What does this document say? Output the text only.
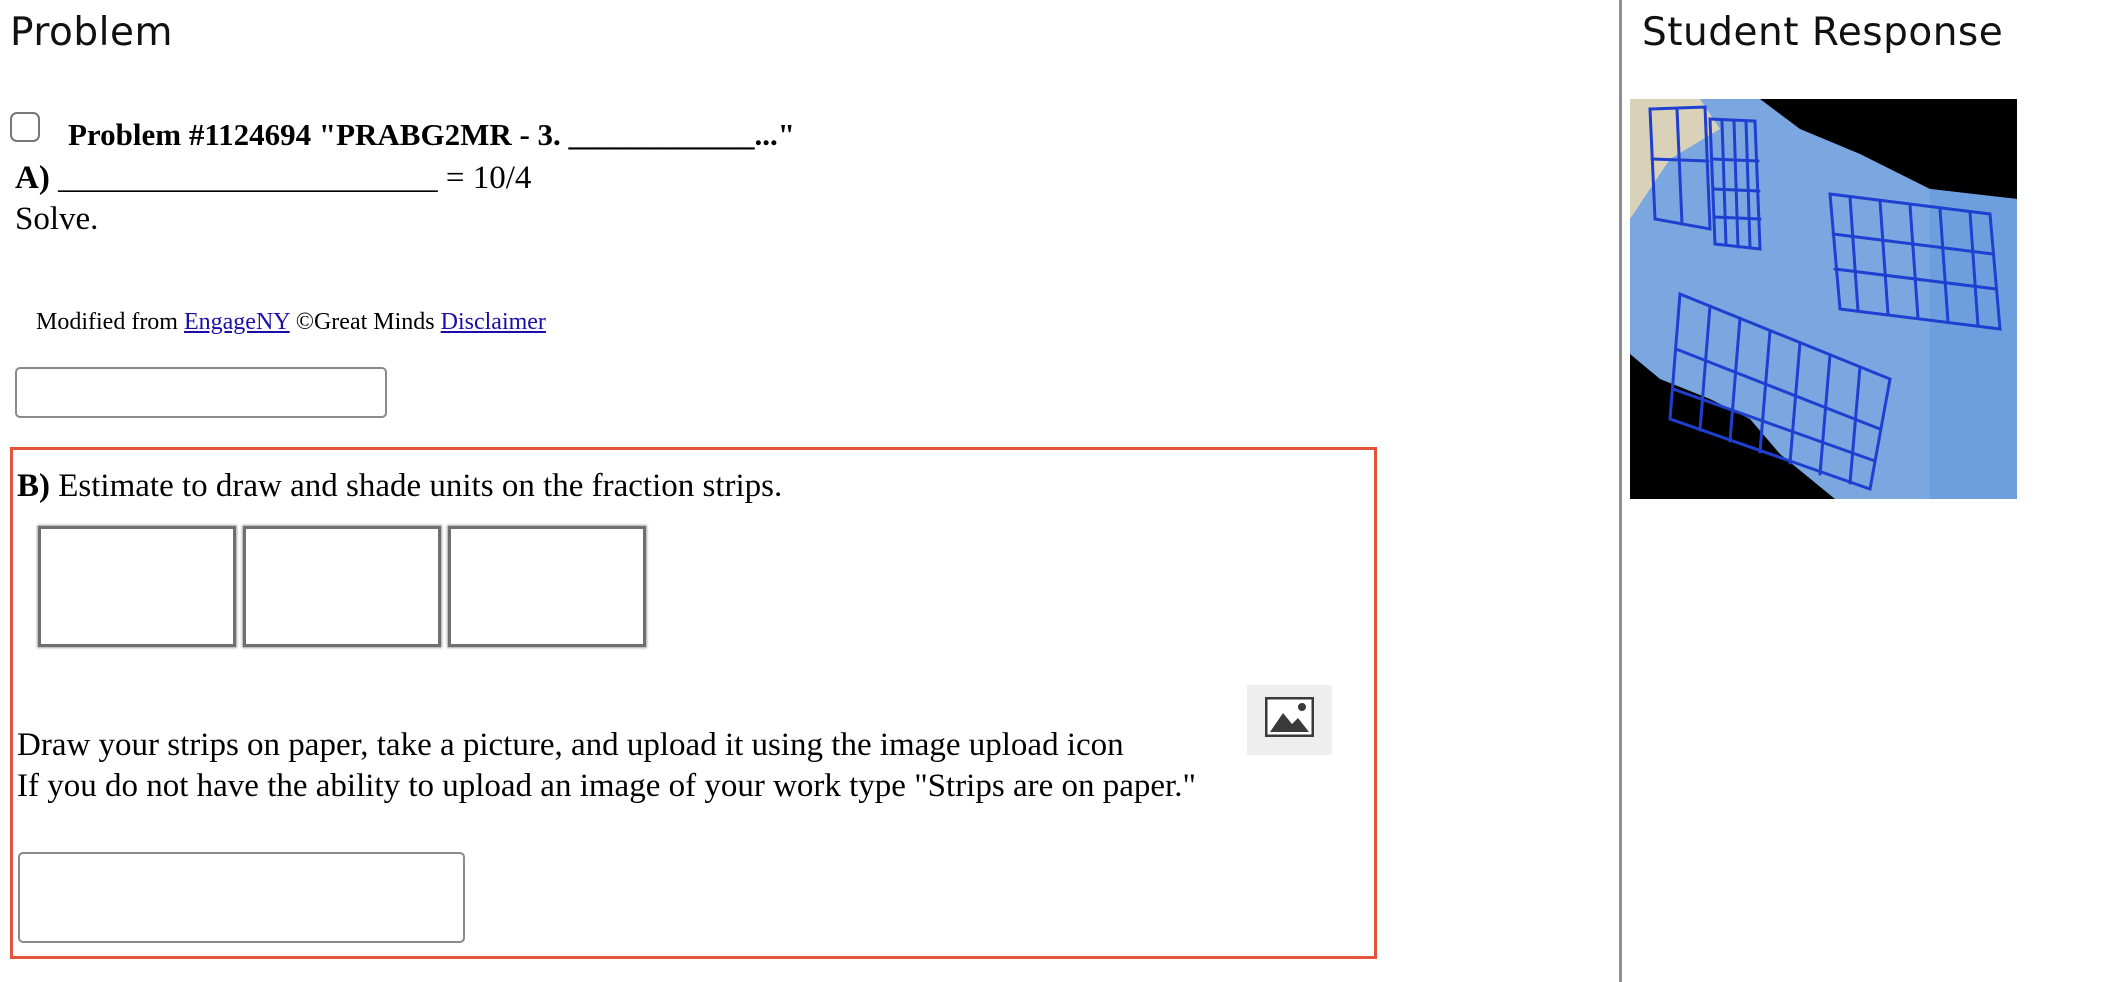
Problem
Problem #1124694 "PRABG2MR - 3. ____________..."
A) _______________________ = 10/4
Solve.
Modified from EngageNY ©Great Minds Disclaimer
B) Estimate to draw and shade units on the fraction strips.
Draw your strips on paper, take a picture, and upload it using the image upload icon
If you do not have the ability to upload an image of your work type "Strips are on paper."
Student Response
